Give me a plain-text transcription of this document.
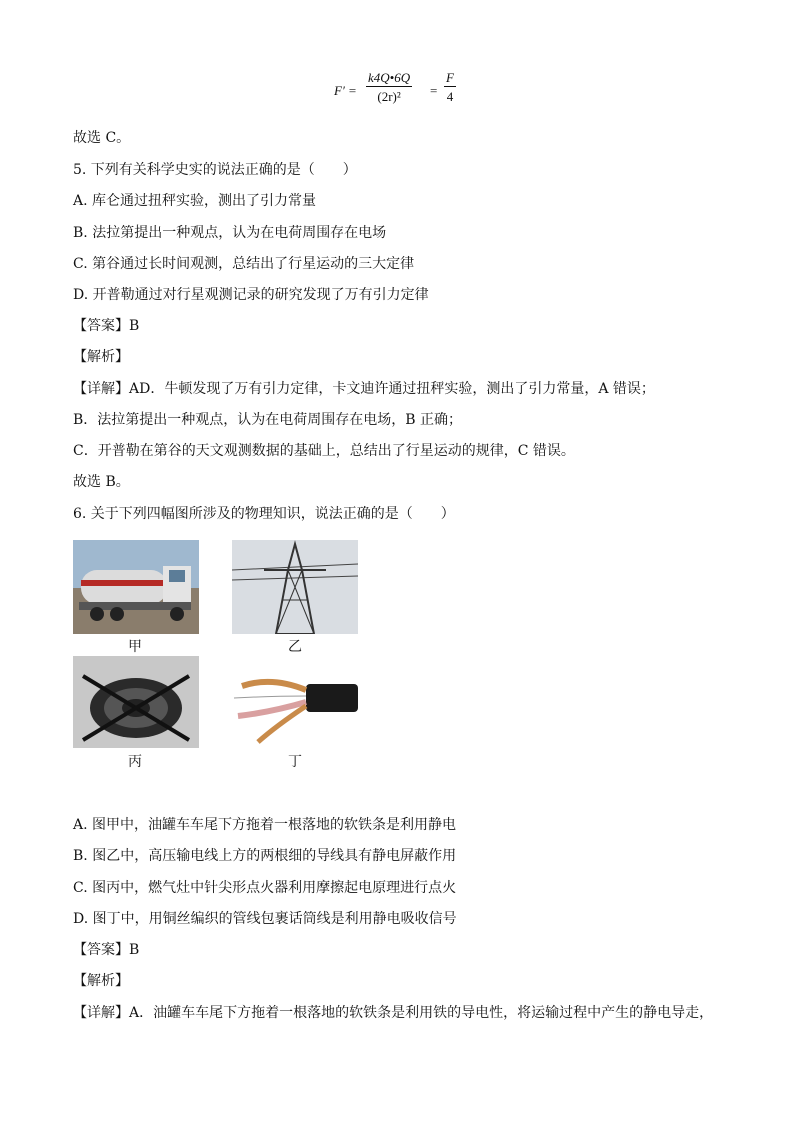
$F' = \frac{k4Q•6Q}{\text{(2r)²}} = \frac{F}{4}$
故选 C。
5. 下列有关科学史实的说法正确的是（　　）
A. 库仑通过扭秤实验，测出了引力常量
B. 法拉第提出一种观点，认为在电荷周围存在电场
C. 第谷通过长时间观测，总结出了行星运动的三大定律
D. 开普勒通过对行星观测记录的研究发现了万有引力定律
【答案】B
【解析】
【详解】AD．牛顿发现了万有引力定律，卡文迪许通过扭秤实验，测出了引力常量，A 错误；
B．法拉第提出一种观点，认为在电荷周围存在电场，B 正确；
C．开普勒在第谷的天文观测数据的基础上，总结出了行星运动的规律，C 错误。
故选 B。
6. 关于下列四幅图所涉及的物理知识，说法正确的是（　　）
甲	乙
丙	丁
A. 图甲中，油罐车车尾下方拖着一根落地的软铁条是利用静电
B. 图乙中，高压输电线上方的两根细的导线具有静电屏蔽作用
C. 图丙中，燃气灶中针尖形点火器利用摩擦起电原理进行点火
D. 图丁中，用铜丝编织的管线包裹话筒线是利用静电吸收信号
【答案】B
【解析】
【详解】A．油罐车车尾下方拖着一根落地的软铁条是利用铁的导电性，将运输过程中产生的静电导走，
